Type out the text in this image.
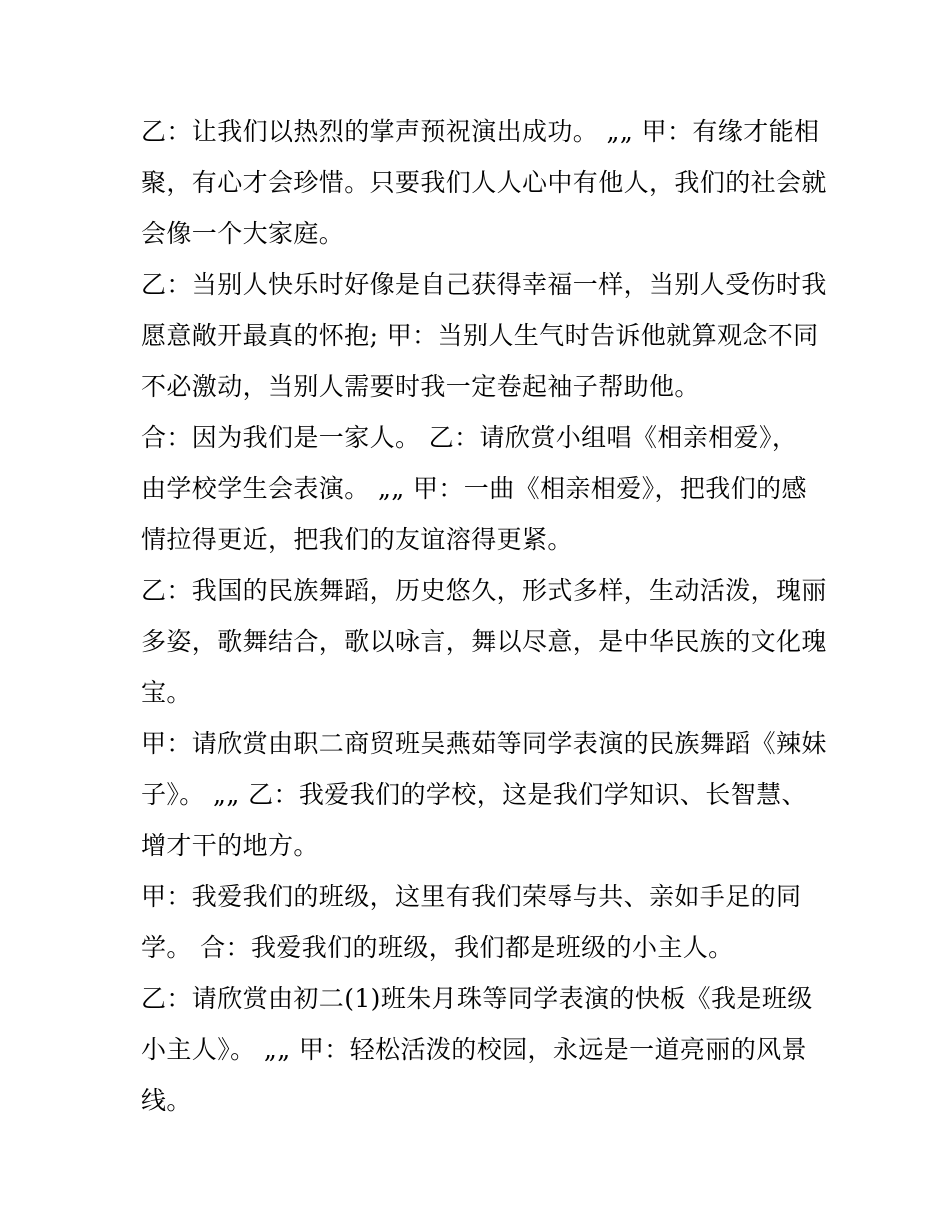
乙：让我们以热烈的掌声预祝演出成功。 „„ 甲：有缘才能相
聚，有心才会珍惜。只要我们人人心中有他人，我们的社会就
会像一个大家庭。
乙：当别人快乐时好像是自己获得幸福一样，当别人受伤时我
愿意敞开最真的怀抱; 甲：当别人生气时告诉他就算观念不同
不必激动，当别人需要时我一定卷起袖子帮助他。
合：因为我们是一家人。 乙：请欣赏小组唱《相亲相爱》，
由学校学生会表演。 „„ 甲：一曲《相亲相爱》，把我们的感
情拉得更近，把我们的友谊溶得更紧。
乙：我国的民族舞蹈，历史悠久，形式多样，生动活泼，瑰丽
多姿，歌舞结合，歌以咏言，舞以尽意，是中华民族的文化瑰
宝。
甲：请欣赏由职二商贸班吴燕茹等同学表演的民族舞蹈《辣妹
子》。 „„ 乙：我爱我们的学校，这是我们学知识、长智慧、
增才干的地方。
甲：我爱我们的班级，这里有我们荣辱与共、亲如手足的同
学。 合：我爱我们的班级，我们都是班级的小主人。
乙：请欣赏由初二(1)班朱月珠等同学表演的快板《我是班级
小主人》。 „„ 甲：轻松活泼的校园，永远是一道亮丽的风景
线。
